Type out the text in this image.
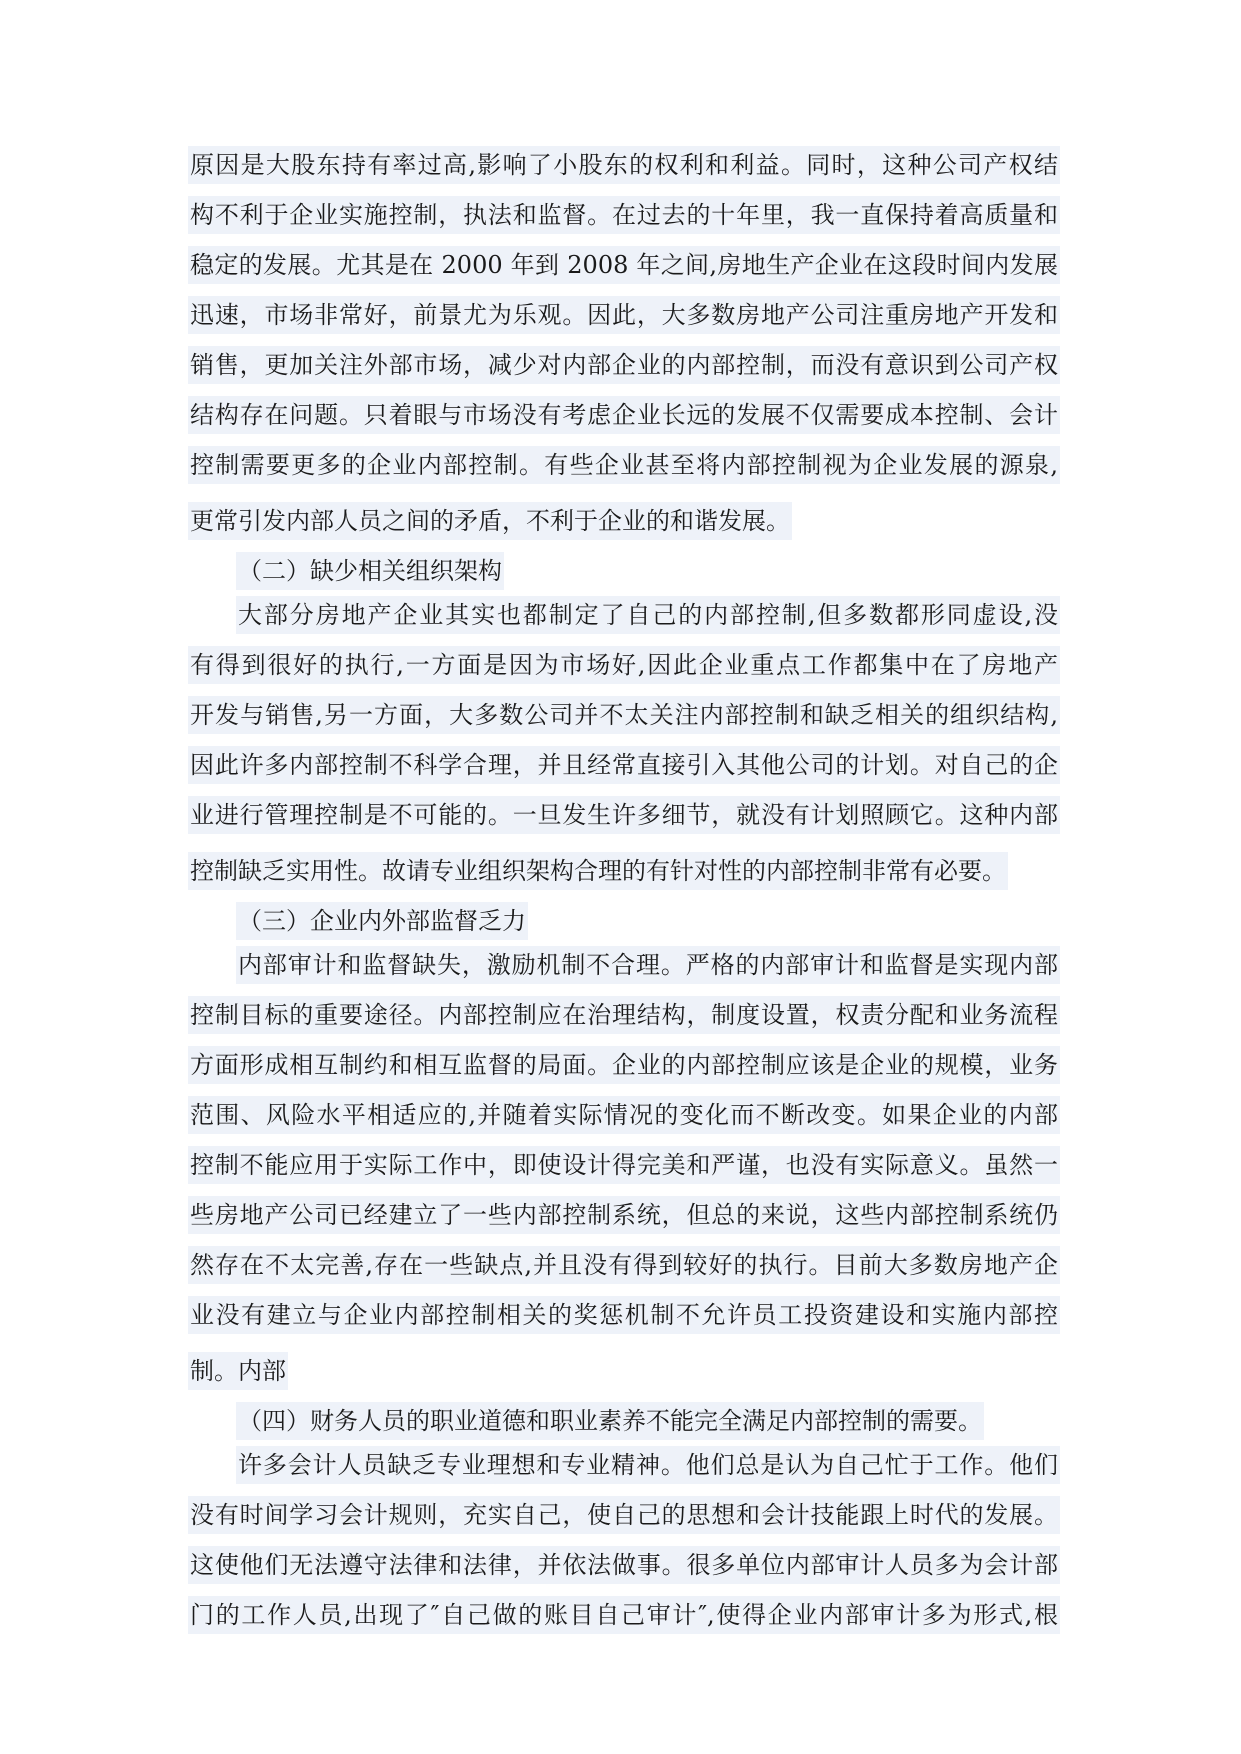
原因是大股东持有率过高,影响了小股东的权利和利益。同时，这种公司产权结
构不利于企业实施控制，执法和监督。在过去的十年里，我一直保持着高质量和
稳定的发展。尤其是在 2000 年到 2008 年之间,房地生产企业在这段时间内发展
迅速，市场非常好，前景尤为乐观。因此，大多数房地产公司注重房地产开发和
销售，更加关注外部市场，减少对内部企业的内部控制，而没有意识到公司产权
结构存在问题。只着眼与市场没有考虑企业长远的发展不仅需要成本控制、会计
控制需要更多的企业内部控制。有些企业甚至将内部控制视为企业发展的源泉,
更常引发内部人员之间的矛盾，不利于企业的和谐发展。
（二）缺少相关组织架构
大部分房地产企业其实也都制定了自己的内部控制,但多数都形同虚设,没
有得到很好的执行,一方面是因为市场好,因此企业重点工作都集中在了房地产
开发与销售,另一方面，大多数公司并不太关注内部控制和缺乏相关的组织结构,
因此许多内部控制不科学合理，并且经常直接引入其他公司的计划。对自己的企
业进行管理控制是不可能的。一旦发生许多细节，就没有计划照顾它。这种内部
控制缺乏实用性。故请专业组织架构合理的有针对性的内部控制非常有必要。
（三）企业内外部监督乏力
内部审计和监督缺失，激励机制不合理。严格的内部审计和监督是实现内部
控制目标的重要途径。内部控制应在治理结构，制度设置，权责分配和业务流程
方面形成相互制约和相互监督的局面。企业的内部控制应该是企业的规模，业务
范围、风险水平相适应的,并随着实际情况的变化而不断改变。如果企业的内部
控制不能应用于实际工作中，即使设计得完美和严谨，也没有实际意义。虽然一
些房地产公司已经建立了一些内部控制系统，但总的来说，这些内部控制系统仍
然存在不太完善,存在一些缺点,并且没有得到较好的执行。目前大多数房地产企
业没有建立与企业内部控制相关的奖惩机制不允许员工投资建设和实施内部控
制。内部
（四）财务人员的职业道德和职业素养不能完全满足内部控制的需要。
许多会计人员缺乏专业理想和专业精神。他们总是认为自己忙于工作。他们
没有时间学习会计规则，充实自己，使自己的思想和会计技能跟上时代的发展。
这使他们无法遵守法律和法律，并依法做事。很多单位内部审计人员多为会计部
门的工作人员,出现了″自己做的账目自己审计″,使得企业内部审计多为形式,根
